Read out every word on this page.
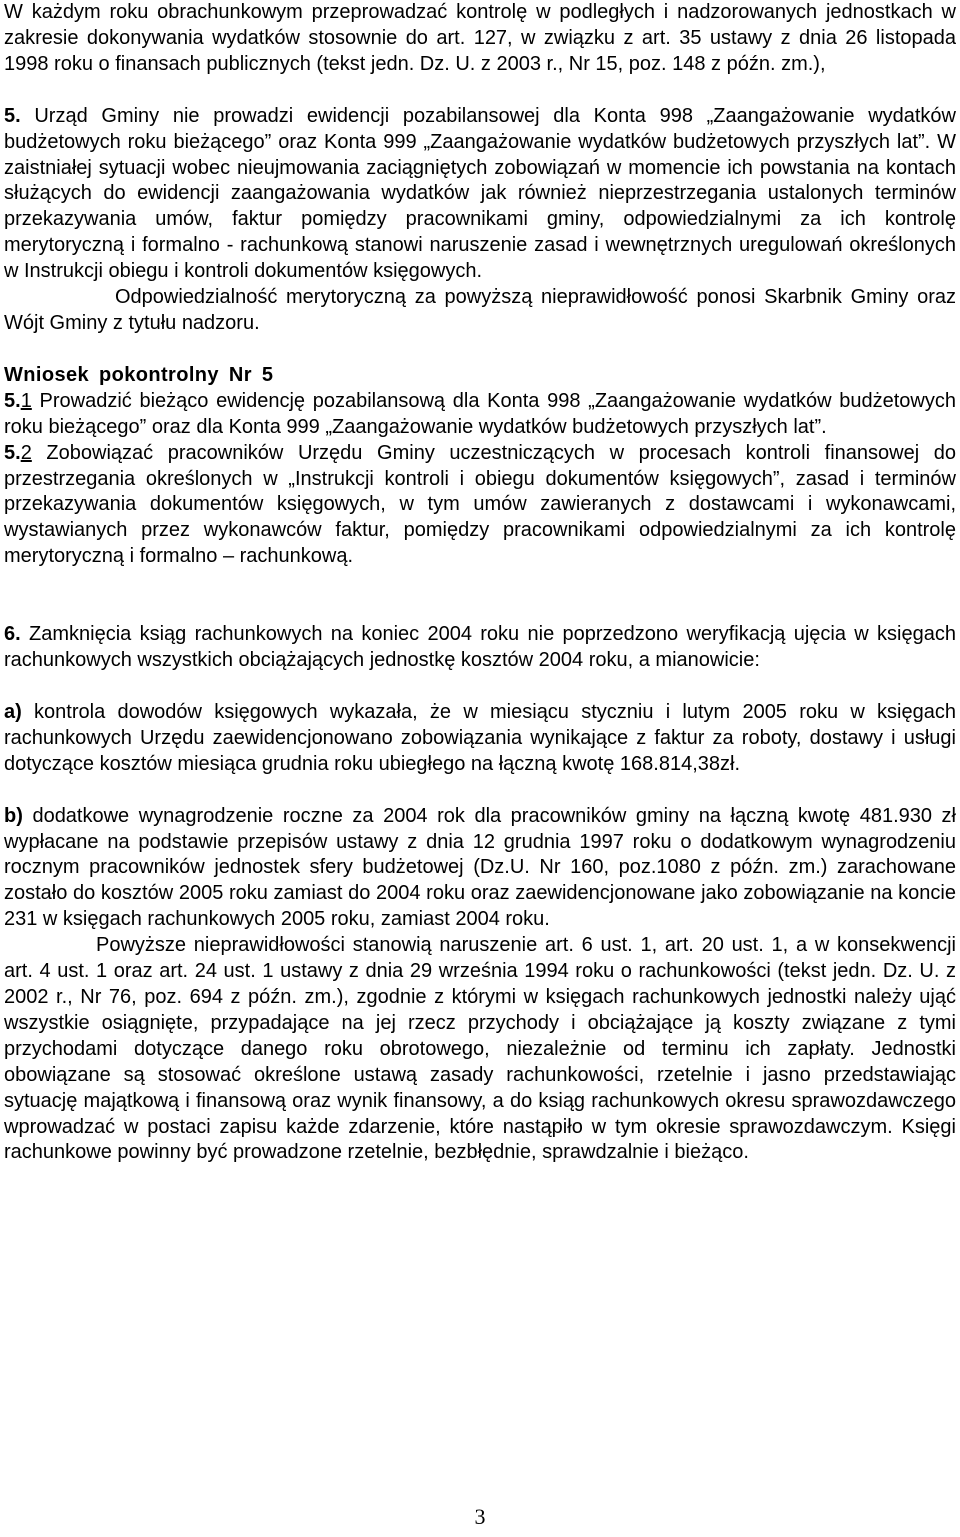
W każdym roku obrachunkowym przeprowadzać kontrolę w podległych i nadzorowanych jednostkach w zakresie dokonywania wydatków stosownie do art. 127, w związku z art. 35 ustawy z dnia 26 listopada 1998 roku o finansach publicznych (tekst jedn. Dz. U. z 2003 r., Nr 15, poz. 148 z późn. zm.),

5. Urząd Gminy nie prowadzi ewidencji pozabilansowej dla Konta 998 „Zaangażowanie wydatków budżetowych roku bieżącego” oraz Konta 999 „Zaangażowanie wydatków budżetowych przyszłych lat”. W zaistniałej sytuacji wobec nieujmowania zaciągniętych zobowiązań w momencie ich powstania na kontach służących do ewidencji zaangażowania wydatków jak również nieprzestrzegania ustalonych terminów przekazywania umów, faktur pomiędzy pracownikami gminy, odpowiedzialnymi za ich kontrolę merytoryczną i formalno - rachunkową stanowi naruszenie zasad i wewnętrznych uregulowań określonych w Instrukcji obiegu i kontroli dokumentów księgowych.

Odpowiedzialność merytoryczną za powyższą nieprawidłowość ponosi Skarbnik Gminy oraz Wójt Gminy z tytułu nadzoru.

Wniosek pokontrolny Nr 5

5.1 Prowadzić bieżąco ewidencję pozabilansową dla Konta 998 „Zaangażowanie wydatków budżetowych roku bieżącego” oraz dla Konta 999 „Zaangażowanie wydatków budżetowych przyszłych lat”.

5.2 Zobowiązać pracowników Urzędu Gminy uczestniczących w procesach kontroli finansowej do przestrzegania określonych w „Instrukcji kontroli i obiegu dokumentów księgowych”, zasad i terminów przekazywania dokumentów księgowych, w tym umów zawieranych z dostawcami i wykonawcami, wystawianych przez wykonawców faktur, pomiędzy pracownikami odpowiedzialnymi za ich kontrolę merytoryczną i formalno – rachunkową.

6. Zamknięcia ksiąg rachunkowych na koniec 2004 roku nie poprzedzono weryfikacją ujęcia w księgach rachunkowych wszystkich obciążających jednostkę kosztów 2004 roku, a mianowicie:

a) kontrola dowodów księgowych wykazała, że w miesiącu styczniu i lutym 2005 roku w księgach rachunkowych Urzędu zaewidencjonowano zobowiązania wynikające z faktur za roboty, dostawy i usługi dotyczące kosztów miesiąca grudnia roku ubiegłego na łączną kwotę 168.814,38zł.

b) dodatkowe wynagrodzenie roczne za 2004 rok dla pracowników gminy na łączną kwotę 481.930 zł wypłacane na podstawie przepisów ustawy z dnia 12 grudnia 1997 roku o dodatkowym wynagrodzeniu rocznym pracowników jednostek sfery budżetowej (Dz.U. Nr 160, poz.1080 z późn. zm.) zarachowane zostało do kosztów 2005 roku zamiast do 2004 roku oraz zaewidencjonowane jako zobowiązanie na koncie 231 w księgach rachunkowych 2005 roku, zamiast 2004 roku.

Powyższe nieprawidłowości stanowią naruszenie art. 6 ust. 1, art. 20 ust. 1, a w konsekwencji art. 4 ust. 1 oraz art. 24 ust. 1 ustawy z dnia 29 września 1994 roku o rachunkowości (tekst jedn. Dz. U. z 2002 r., Nr 76, poz. 694 z późn. zm.), zgodnie z którymi w księgach rachunkowych jednostki należy ująć wszystkie osiągnięte, przypadające na jej rzecz przychody i obciążające ją koszty związane z tymi przychodami dotyczące danego roku obrotowego, niezależnie od terminu ich zapłaty. Jednostki obowiązane są stosować określone ustawą zasady rachunkowości, rzetelnie i jasno przedstawiając sytuację majątkową i finansową oraz wynik finansowy, a do ksiąg rachunkowych okresu sprawozdawczego wprowadzać w postaci zapisu każde zdarzenie, które nastąpiło w tym okresie sprawozdawczym. Księgi rachunkowe powinny być prowadzone rzetelnie, bezbłędnie, sprawdzalnie i bieżąco.

3
